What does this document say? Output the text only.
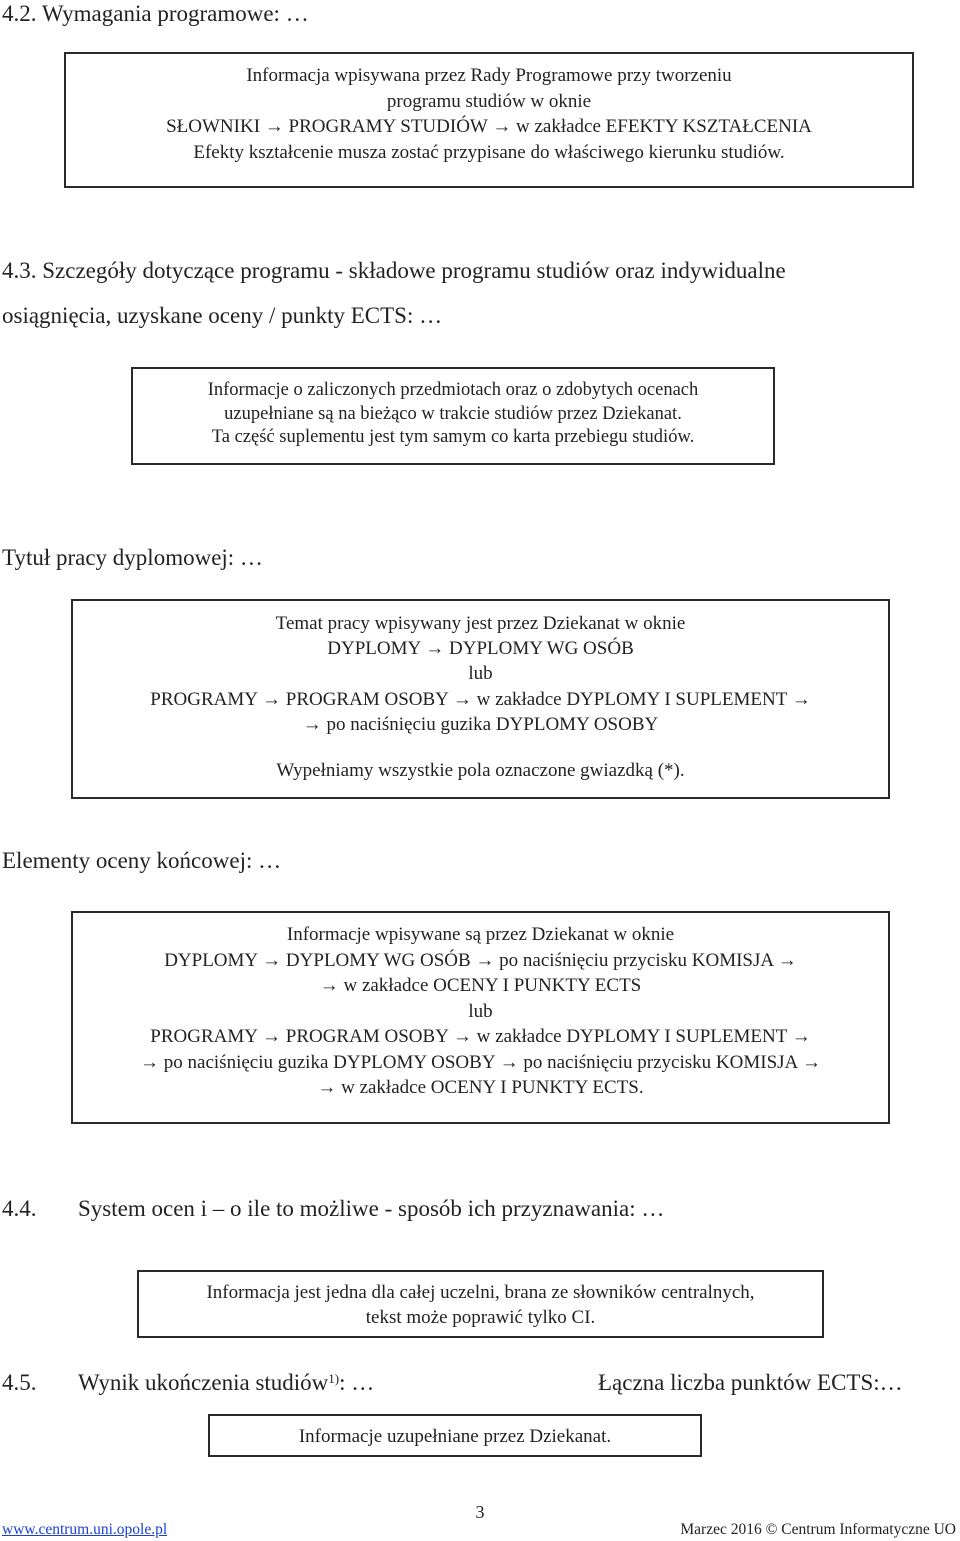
4.2. Wymagania programowe: …
Informacja wpisywana przez Rady Programowe przy tworzeniu
programu studiów w oknie
SŁOWNIKI → PROGRAMY STUDIÓW → w zakładce EFEKTY KSZTAŁCENIA
Efekty kształcenie musza zostać przypisane do właściwego kierunku studiów.
4.3. Szczegóły dotyczące programu - składowe programu studiów oraz indywidualne
osiągnięcia, uzyskane oceny / punkty ECTS: …
Informacje o zaliczonych przedmiotach oraz o zdobytych ocenach
uzupełniane są na bieżąco w trakcie studiów przez Dziekanat.
Ta część suplementu jest tym samym co karta przebiegu studiów.
Tytuł pracy dyplomowej: …
Temat pracy wpisywany jest przez Dziekanat w oknie
DYPLOMY → DYPLOMY WG OSÓB
lub
PROGRAMY → PROGRAM OSOBY → w zakładce DYPLOMY I SUPLEMENT →
→ po naciśnięciu guzika DYPLOMY OSOBY
Wypełniamy wszystkie pola oznaczone gwiazdką (*).
Elementy oceny końcowej: …
Informacje wpisywane są przez Dziekanat w oknie
DYPLOMY → DYPLOMY WG OSÓB → po naciśnięciu przycisku KOMISJA →
→ w zakładce OCENY I PUNKTY ECTS
lub
PROGRAMY → PROGRAM OSOBY → w zakładce DYPLOMY I SUPLEMENT →
→ po naciśnięciu guzika DYPLOMY OSOBY → po naciśnięciu przycisku KOMISJA →
→ w zakładce OCENY I PUNKTY ECTS.
4.4. System ocen i – o ile to możliwe - sposób ich przyznawania: …
Informacja jest jedna dla całej uczelni, brana ze słowników centralnych,
tekst może poprawić tylko CI.
4.5. Wynik ukończenia studiów$^{1)}$: …	Łączna liczba punktów ECTS:…
Informacje uzupełniane przez Dziekanat.
3
www.centrum.uni.opole.pl	Marzec 2016 © Centrum Informatyczne UO
